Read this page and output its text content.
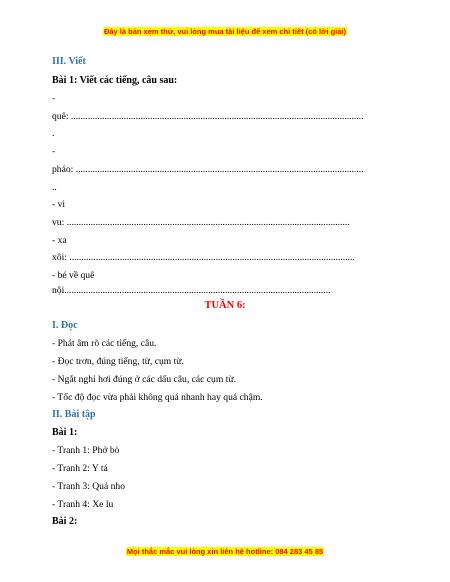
Đây là bản xem thử, vui lòng mua tài liệu để xem chi tiết (có lời giải)
III. Viết
Bài 1: Viết các tiếng, câu sau:
-
quê: ..........................................................................................................................
.
-
pháo: ........................................................................................................................
..
- vi
vu: ......................................................................................................................
- xa
xôi: .......................................................................................................................
- bé về quê
nội...............................................................................................................
TUẦN 6:
I. Đọc
- Phát âm rõ các tiếng, câu.
- Đọc trơn, đúng tiếng, từ, cụm từ.
- Ngắt nghỉ hơi đúng ở các dấu câu, các cụm từ.
- Tốc độ đọc vừa phải không quá nhanh hay quá chậm.
II. Bài tập
Bài 1:
- Tranh 1: Phở bò
- Tranh 2: Y tá
- Tranh 3: Quả nho
- Tranh 4: Xe lu
Bài 2:
Mọi thắc mắc vui lòng xin liên hệ hotline: 084 283 45 85
